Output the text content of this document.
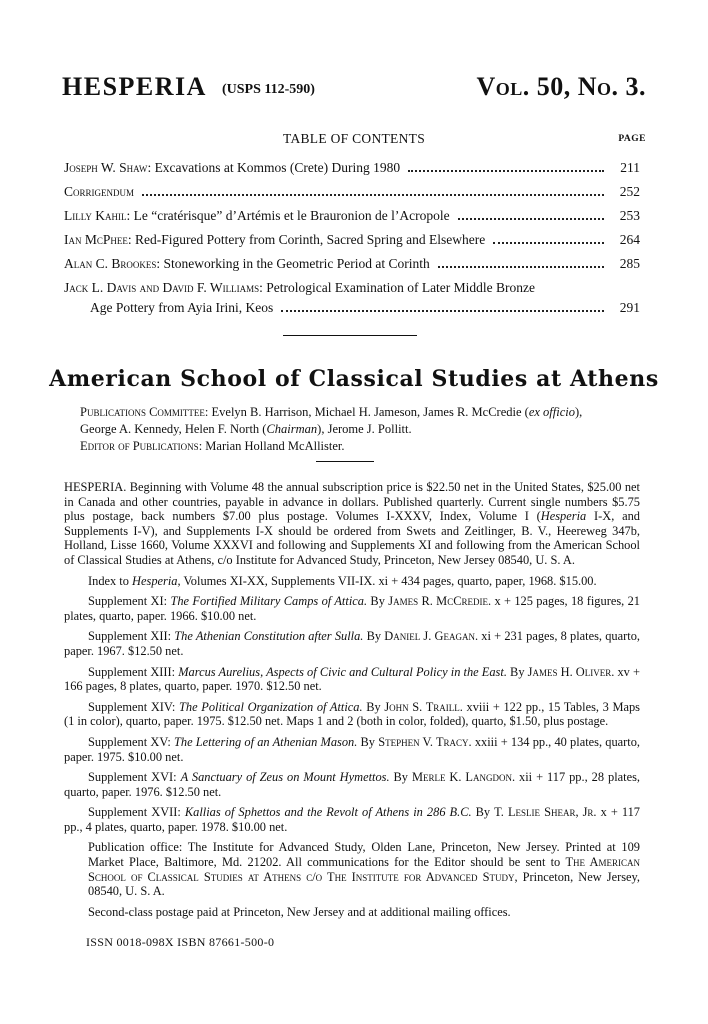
HESPERIA (USPS 112-590)	Vol. 50, No. 3.
TABLE OF CONTENTS	PAGE
Joseph W. Shaw: Excavations at Kommos (Crete) During 1980	211
Corrigendum	252
Lilly Kahil: Le “cratérisque” d’Artémis et le Brauronion de l’Acropole	253
Ian McPhee: Red-Figured Pottery from Corinth, Sacred Spring and Elsewhere	264
Alan C. Brookes: Stoneworking in the Geometric Period at Corinth	285
Jack L. Davis and David F. Williams: Petrological Examination of Later Middle Bronze
Age Pottery from Ayia Irini, Keos	291
American School of Classical Studies at Athens
Publications Committee: Evelyn B. Harrison, Michael H. Jameson, James R. McCredie (ex officio),
George A. Kennedy, Helen F. North (Chairman), Jerome J. Pollitt.
Editor of Publications: Marian Holland McAllister.

HESPERIA. Beginning with Volume 48 the annual subscription price is $22.50 net in the United States, $25.00 net in Canada and other countries, payable in advance in dollars. Published quarterly. Current single numbers $5.75 plus postage, back numbers $7.00 plus postage. Volumes I-XXXV, Index, Volume I (Hesperia I-X, and Supplements I-V), and Supplements I-X should be ordered from Swets and Zeitlinger, B. V., Heereweg 347b, Holland, Lisse 1660, Volume XXXVI and following and Supplements XI and following from the American School of Classical Studies at Athens, c/o Institute for Advanced Study, Princeton, New Jersey 08540, U. S. A.

Index to Hesperia, Volumes XI-XX, Supplements VII-IX. xi + 434 pages, quarto, paper, 1968. $15.00.

Supplement XI: The Fortified Military Camps of Attica. By James R. McCredie. x + 125 pages, 18 figures, 21 plates, quarto, paper. 1966. $10.00 net.

Supplement XII: The Athenian Constitution after Sulla. By Daniel J. Geagan. xi + 231 pages, 8 plates, quarto, paper. 1967. $12.50 net.

Supplement XIII: Marcus Aurelius, Aspects of Civic and Cultural Policy in the East. By James H. Oliver. xv + 166 pages, 8 plates, quarto, paper. 1970. $12.50 net.

Supplement XIV: The Political Organization of Attica. By John S. Traill. xviii + 122 pp., 15 Tables, 3 Maps (1 in color), quarto, paper. 1975. $12.50 net. Maps 1 and 2 (both in color, folded), quarto, $1.50, plus postage.

Supplement XV: The Lettering of an Athenian Mason. By Stephen V. Tracy. xxiii + 134 pp., 40 plates, quarto, paper. 1975. $10.00 net.

Supplement XVI: A Sanctuary of Zeus on Mount Hymettos. By Merle K. Langdon. xii + 117 pp., 28 plates, quarto, paper. 1976. $12.50 net.

Supplement XVII: Kallias of Sphettos and the Revolt of Athens in 286 B.C. By T. Leslie Shear, Jr. x + 117 pp., 4 plates, quarto, paper. 1978. $10.00 net.

Publication office: The Institute for Advanced Study, Olden Lane, Princeton, New Jersey. Printed at 109 Market Place, Baltimore, Md. 21202. All communications for the Editor should be sent to The American School of Classical Studies at Athens c/o The Institute for Advanced Study, Princeton, New Jersey, 08540, U. S. A.

Second-class postage paid at Princeton, New Jersey and at additional mailing offices.

ISSN 0018-098X ISBN 87661-500-0
